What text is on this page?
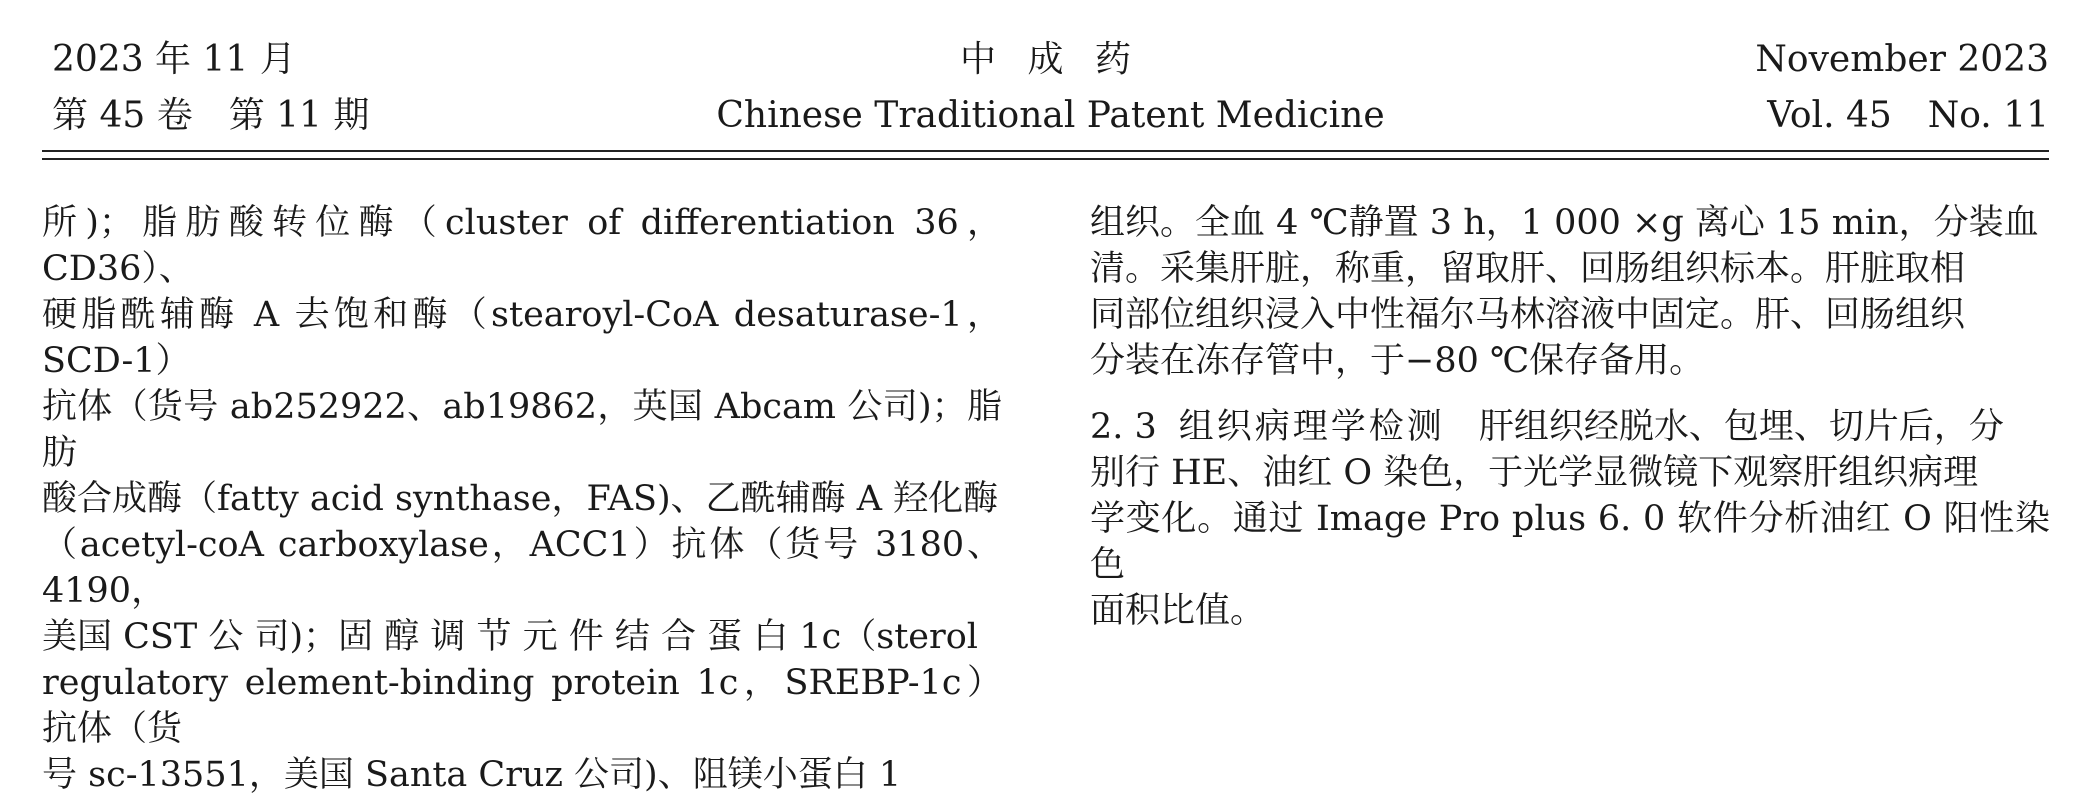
2023 年 11 月
第 45 卷　第 11 期
中 成 药
Chinese Traditional Patent Medicine
November 2023
Vol. 45　No. 11
所)；脂肪酸转位酶（cluster of differentiation 36，CD36）、
硬脂酰辅酶 A 去饱和酶（stearoyl-CoA desaturase-1，SCD-1）
抗体（货号 ab252922、ab19862，英国 Abcam 公司)；脂肪
酸合成酶（fatty acid synthase，FAS)、乙酰辅酶 A 羟化酶
（acetyl-coA carboxylase，ACC1）抗体（货号 3180、4190，
美国 CST 公 司)；固 醇 调 节 元 件 结 合 蛋 白 1c（sterol
regulatory element-binding protein 1c，SREBP-1c）抗体（货
号 sc-13551，美国 Santa Cruz 公司)、阻镁小蛋白 1
组织。全血 4 ℃静置 3 h，1 000 ×g 离心 15 min，分装血
清。采集肝脏，称重，留取肝、回肠组织标本。肝脏取相
同部位组织浸入中性福尔马林溶液中固定。肝、回肠组织
分装在冻存管中，于−80 ℃保存备用。
2. 3 组织病理学检测 肝组织经脱水、包埋、切片后，分
别行 HE、油红 O 染色，于光学显微镜下观察肝组织病理
学变化。通过 Image Pro plus 6. 0 软件分析油红 O 阳性染色
面积比值。
